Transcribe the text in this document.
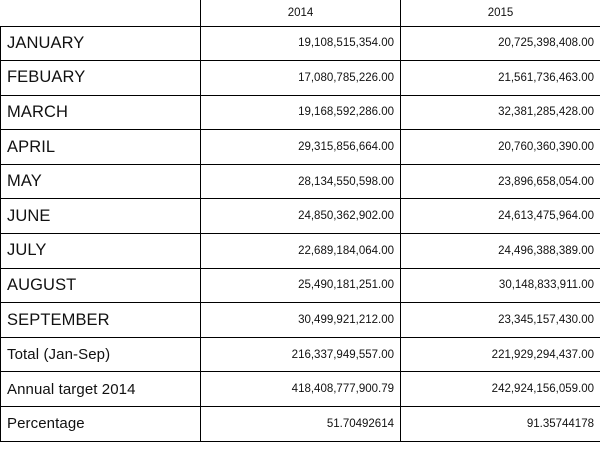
	2014	2015
JANUARY	19,108,515,354.00	20,725,398,408.00
FEBUARY	17,080,785,226.00	21,561,736,463.00
MARCH	19,168,592,286.00	32,381,285,428.00
APRIL	29,315,856,664.00	20,760,360,390.00
MAY	28,134,550,598.00	23,896,658,054.00
JUNE	24,850,362,902.00	24,613,475,964.00
JULY	22,689,184,064.00	24,496,388,389.00
AUGUST	25,490,181,251.00	30,148,833,911.00
SEPTEMBER	30,499,921,212.00	23,345,157,430.00
Total (Jan-Sep)	216,337,949,557.00	221,929,294,437.00
Annual target 2014	418,408,777,900.79	242,924,156,059.00
Percentage	51.70492614	91.35744178
